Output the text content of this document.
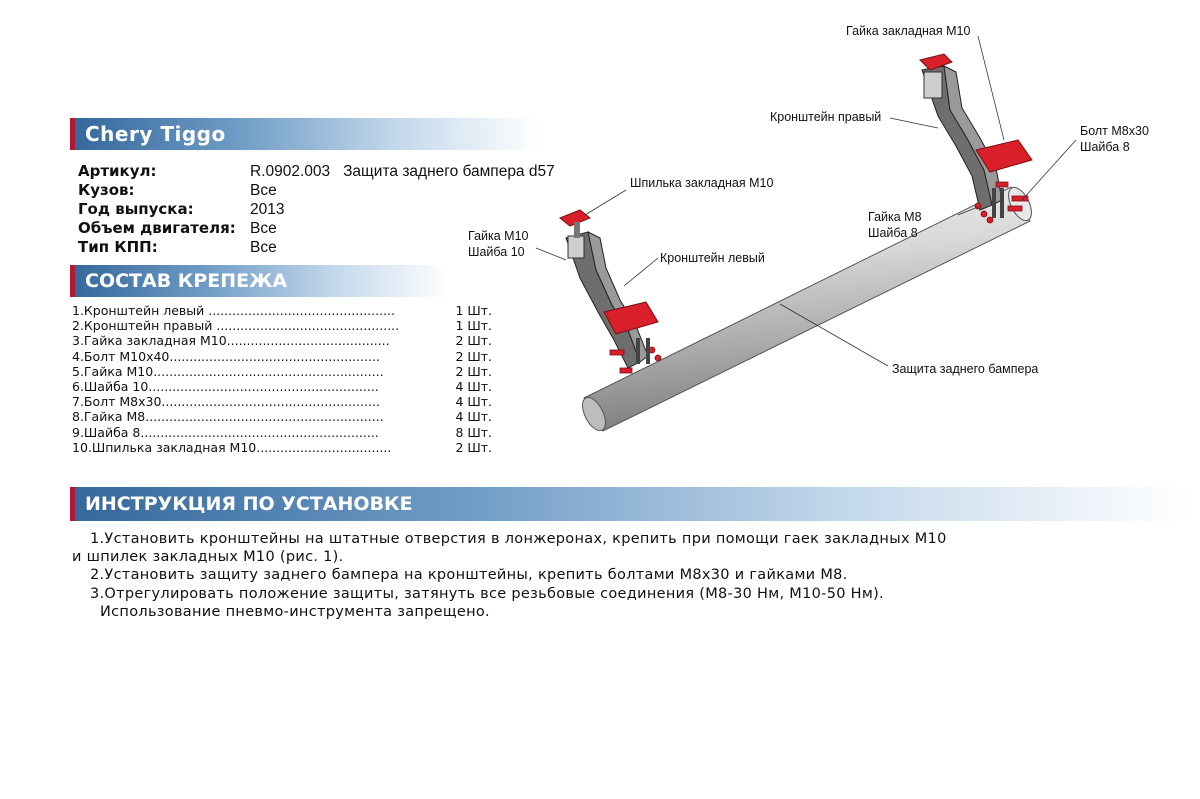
Chery Tiggo
Артикул:	R.0902.003   Защита заднего бампера d57
Кузов:	Все
Год выпуска:	2013
Объем двигателя: Все
Тип КПП:	Все
СОСТАВ КРЕПЕЖА
1.Кронштейн левый ...............................................	1 Шт.
2.Кронштейн правый ..............................................	1 Шт.
3.Гайка закладная М10.........................................	2 Шт.
4.Болт М10х40.....................................................	2 Шт.
5.Гайка М10..........................................................	2 Шт.
6.Шайба 10..........................................................	4 Шт.
7.Болт М8х30.......................................................	4 Шт.
8.Гайка М8............................................................	4 Шт.
9.Шайба 8............................................................	8 Шт.
10.Шпилька закладная М10..................................	2 Шт.
ИНСТРУКЦИЯ ПО УСТАНОВКЕ

1.Установить кронштейны на штатные отверстия в лонжеронах, крепить при помощи гаек закладных М10

и шпилек закладных М10 (рис. 1).

2.Установить защиту заднего бампера на кронштейны, крепить болтами М8х30 и гайками М8.

3.Отрегулировать положение защиты, затянуть все резьбовые соединения (М8-30 Нм, М10-50 Нм).

Использование пневмо-инструмента запрещено.

Гайка закладная М10
Кронштейн правый
Болт М8х30
Шайба 8
Шпилька закладная М10
Гайка М8
Шайба 8
Гайка М10
Шайба 10	Кронштейн левый
Защита заднего бампера
